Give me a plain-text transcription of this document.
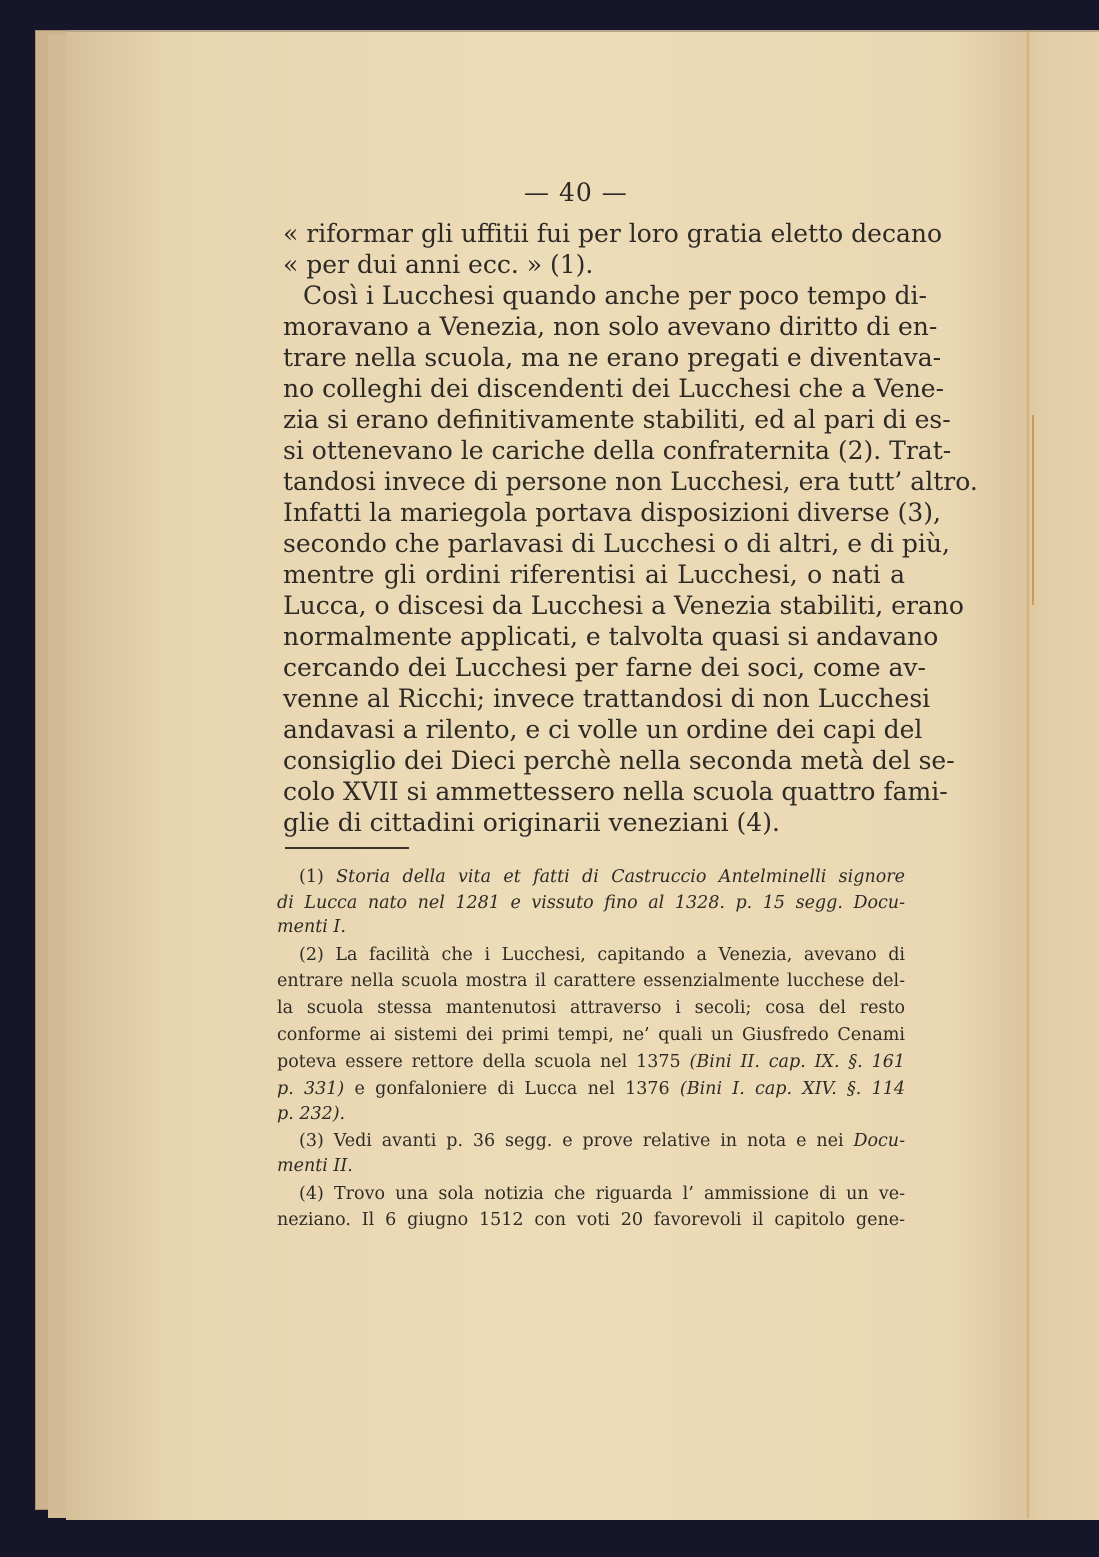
— 40 —
« riformar gli uffitii fui per loro gratia eletto decano
« per dui anni ecc. » (1).
Così i Lucchesi quando anche per poco tempo di-
moravano a Venezia, non solo avevano diritto di en-
trare nella scuola, ma ne erano pregati e diventava-
no colleghi dei discendenti dei Lucchesi che a Vene-
zia si erano definitivamente stabiliti, ed al pari di es-
si ottenevano le cariche della confraternita (2). Trat-
tandosi invece di persone non Lucchesi, era tutt’ altro.
Infatti la mariegola portava disposizioni diverse (3),
secondo che parlavasi di Lucchesi o di altri, e di più,
mentre gli ordini riferentisi ai Lucchesi, o nati a
Lucca, o discesi da Lucchesi a Venezia stabiliti, erano
normalmente applicati, e talvolta quasi si andavano
cercando dei Lucchesi per farne dei soci, come av-
venne al Ricchi; invece trattandosi di non Lucchesi
andavasi a rilento, e ci volle un ordine dei capi del
consiglio dei Dieci perchè nella seconda metà del se-
colo XVII si ammettessero nella scuola quattro fami-
glie di cittadini originarii veneziani (4).
(1) Storia della vita et fatti di Castruccio Antelminelli signore
di Lucca nato nel 1281 e vissuto fino al 1328. p. 15 segg. Docu-
menti I.
(2) La facilità che i Lucchesi, capitando a Venezia, avevano di
entrare nella scuola mostra il carattere essenzialmente lucchese del-
la scuola stessa mantenutosi attraverso i secoli; cosa del resto
conforme ai sistemi dei primi tempi, ne’ quali un Giusfredo Cenami
poteva essere rettore della scuola nel 1375 (Bini II. cap. IX. §. 161
p. 331) e gonfaloniere di Lucca nel 1376 (Bini I. cap. XIV. §. 114
p. 232).
(3) Vedi avanti p. 36 segg. e prove relative in nota e nei Docu-
menti II.
(4) Trovo una sola notizia che riguarda l’ ammissione di un ve-
neziano. Il 6 giugno 1512 con voti 20 favorevoli il capitolo gene-
